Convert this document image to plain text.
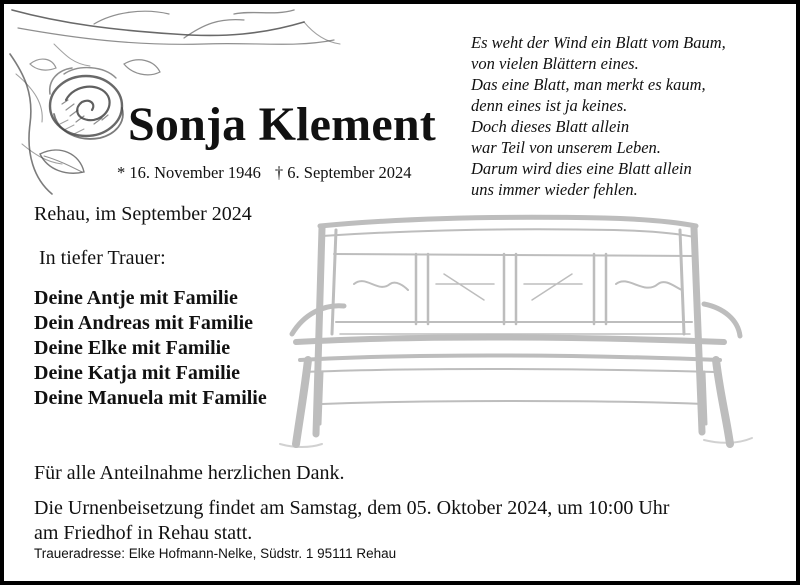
Sonja Klement
* 16. November 1946 † 6. September 2024
Es weht der Wind ein Blatt vom Baum,
von vielen Blättern eines.
Das eine Blatt, man merkt es kaum,
denn eines ist ja keines.
Doch dieses Blatt allein
war Teil von unserem Leben.
Darum wird dies eine Blatt allein
uns immer wieder fehlen.
Rehau, im September 2024
In tiefer Trauer:
Deine Antje mit Familie
Dein Andreas mit Familie
Deine Elke mit Familie
Deine Katja mit Familie
Deine Manuela mit Familie
Für alle Anteilnahme herzlichen Dank.
Die Urnenbeisetzung findet am Samstag, dem 05. Oktober 2024, um 10:00 Uhr
am Friedhof in Rehau statt.
Traueradresse: Elke Hofmann-Nelke, Südstr. 1 95111 Rehau
